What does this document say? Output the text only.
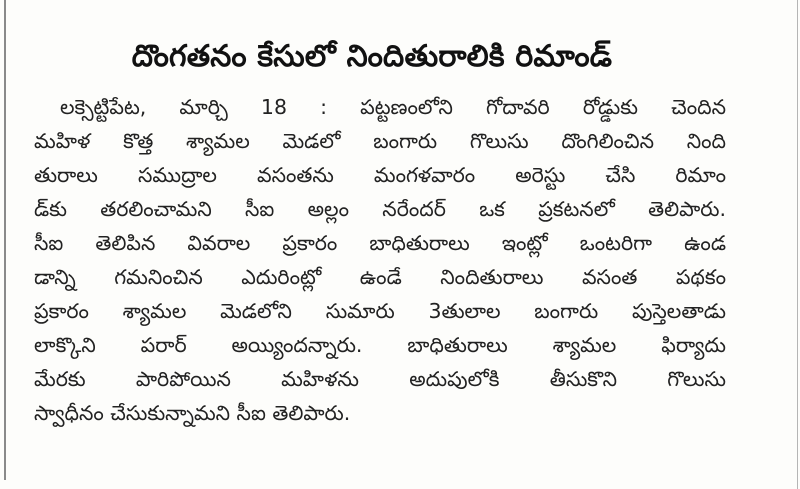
దొంగతనం కేసులో నిందితురాలికి రిమాండ్
లక్సెట్టిపేట, మార్చి 18 : పట్టణంలోని గోదావరి రోడ్డుకు చెందిన
మహిళ కొత్త శ్యామల మెడలో బంగారు గొలుసు దొంగిలించిన నింది
తురాలు సముద్రాల వసంతను మంగళవారం అరెస్టు చేసి రిమాం
డ్‌కు తరలించామని సీఐ అల్లం నరేందర్ ఒక ప్రకటనలో తెలిపారు.
సీఐ తెలిపిన వివరాల ప్రకారం బాధితురాలు ఇంట్లో ఒంటరిగా ఉండ
డాన్ని గమనించిన ఎదురింట్లో ఉండే నిందితురాలు వసంత పథకం
ప్రకారం శ్యామల మెడలోని సుమారు 3తులాల బంగారు పుస్తెలతాడు
లాక్కొని పరార్ అయ్యిందన్నారు. బాధితురాలు శ్యామల ఫిర్యాదు
మేరకు పారిపోయిన మహిళను అదుపులోకి తీసుకొని గొలుసు
స్వాధీనం చేసుకున్నామని సీఐ తెలిపారు.
